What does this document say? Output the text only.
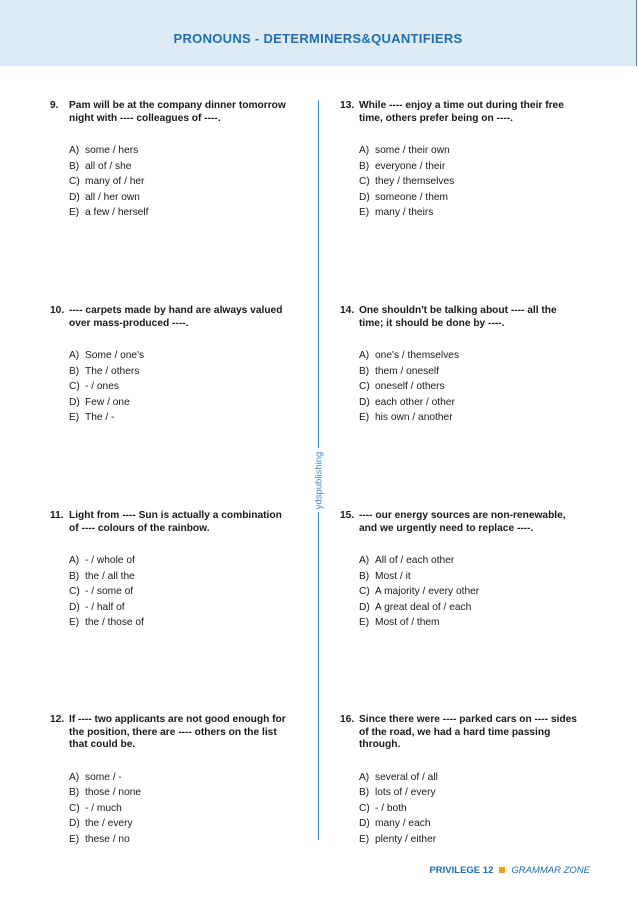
PRONOUNS - DETERMINERS&QUANTIFIERS
ydspublishing
9. Pam will be at the company dinner tomorrow night with ---- colleagues of ----.
A) some / hers
B) all of / she
C) many of / her
D) all / her own
E) a few / herself
10. ---- carpets made by hand are always valued over mass-produced ----.
A) Some / one's
B) The / others
C) - / ones
D) Few / one
E) The / -
11. Light from ---- Sun is actually a combination of ---- colours of the rainbow.
A) - / whole of
B) the / all the
C) - / some of
D) - / half of
E) the / those of
12. If ---- two applicants are not good enough for the position, there are ---- others on the list that could be.
A) some / -
B) those / none
C) - / much
D) the / every
E) these / no
13. While ---- enjoy a time out during their free time, others prefer being on ----.
A) some / their own
B) everyone / their
C) they / themselves
D) someone / them
E) many / theirs
14. One shouldn't be talking about ---- all the time; it should be done by ----.
A) one's / themselves
B) them / oneself
C) oneself / others
D) each other / other
E) his own / another
15. ---- our energy sources are non-renewable, and we urgently need to replace ----.
A) All of / each other
B) Most / it
C) A majority / every other
D) A great deal of / each
E) Most of / them
16. Since there were ---- parked cars on ---- sides of the road, we had a hard time passing through.
A) several of / all
B) lots of / every
C) - / both
D) many / each
E) plenty / either
PRIVILEGE 12 GRAMMAR ZONE
